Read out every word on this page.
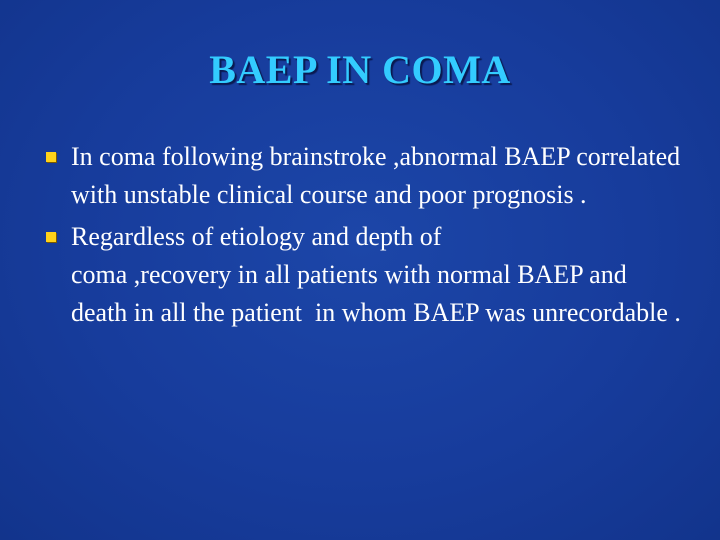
BAEP IN COMA
In coma following brainstroke ,abnormal BAEP correlated with unstable clinical course and poor prognosis .
Regardless of etiology and depth of
coma ,recovery in all patients with normal BAEP and death in all the patient  in whom BAEP was unrecordable .
